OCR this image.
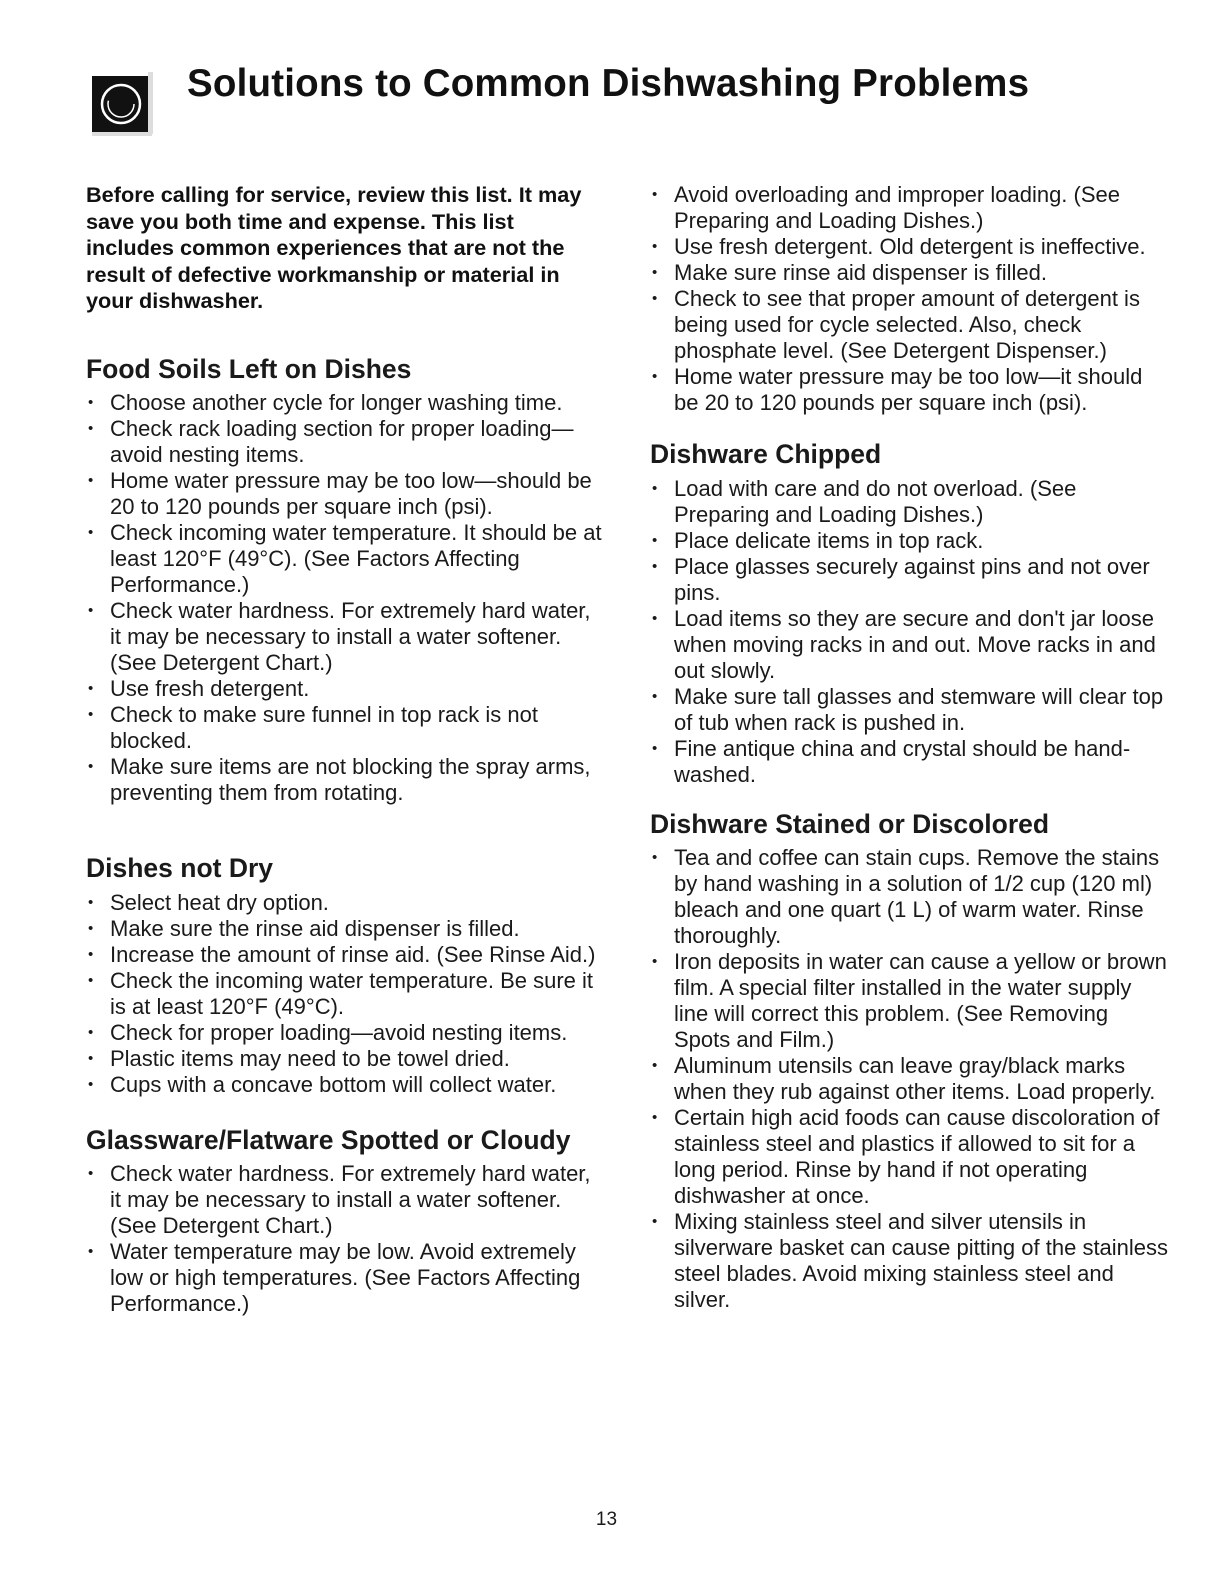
Solutions to Common Dishwashing Problems

Before calling for service, review this list. It may save you both time and expense. This list includes common experiences that are not the result of defective workmanship or material in your dishwasher.

Food Soils Left on Dishes
• Choose another cycle for longer washing time.
• Check rack loading section for proper loading—avoid nesting items.
• Home water pressure may be too low—should be 20 to 120 pounds per square inch (psi).
• Check incoming water temperature. It should be at least 120°F (49°C). (See Factors Affecting Performance.)
• Check water hardness. For extremely hard water, it may be necessary to install a water softener. (See Detergent Chart.)
• Use fresh detergent.
• Check to make sure funnel in top rack is not blocked.
• Make sure items are not blocking the spray arms, preventing them from rotating.
Dishes not Dry
• Select heat dry option.
• Make sure the rinse aid dispenser is filled.
• Increase the amount of rinse aid. (See Rinse Aid.)
• Check the incoming water temperature. Be sure it is at least 120°F (49°C).
• Check for proper loading—avoid nesting items.
• Plastic items may need to be towel dried.
• Cups with a concave bottom will collect water.
Glassware/Flatware Spotted or Cloudy
• Check water hardness. For extremely hard water, it may be necessary to install a water softener. (See Detergent Chart.)
• Water temperature may be low. Avoid extremely low or high temperatures. (See Factors Affecting Performance.)
• Avoid overloading and improper loading. (See Preparing and Loading Dishes.)
• Use fresh detergent. Old detergent is ineffective.
• Make sure rinse aid dispenser is filled.
• Check to see that proper amount of detergent is being used for cycle selected. Also, check phosphate level. (See Detergent Dispenser.)
• Home water pressure may be too low—it should be 20 to 120 pounds per square inch (psi).
Dishware Chipped
• Load with care and do not overload. (See Preparing and Loading Dishes.)
• Place delicate items in top rack.
• Place glasses securely against pins and not over pins.
• Load items so they are secure and don't jar loose when moving racks in and out. Move racks in and out slowly.
• Make sure tall glasses and stemware will clear top of tub when rack is pushed in.
• Fine antique china and crystal should be hand-washed.
Dishware Stained or Discolored
• Tea and coffee can stain cups. Remove the stains by hand washing in a solution of 1/2 cup (120 ml) bleach and one quart (1 L) of warm water. Rinse thoroughly.
• Iron deposits in water can cause a yellow or brown film. A special filter installed in the water supply line will correct this problem. (See Removing Spots and Film.)
• Aluminum utensils can leave gray/black marks when they rub against other items. Load properly.
• Certain high acid foods can cause discoloration of stainless steel and plastics if allowed to sit for a long period. Rinse by hand if not operating dishwasher at once.
• Mixing stainless steel and silver utensils in silverware basket can cause pitting of the stainless steel blades. Avoid mixing stainless steel and silver.
13
